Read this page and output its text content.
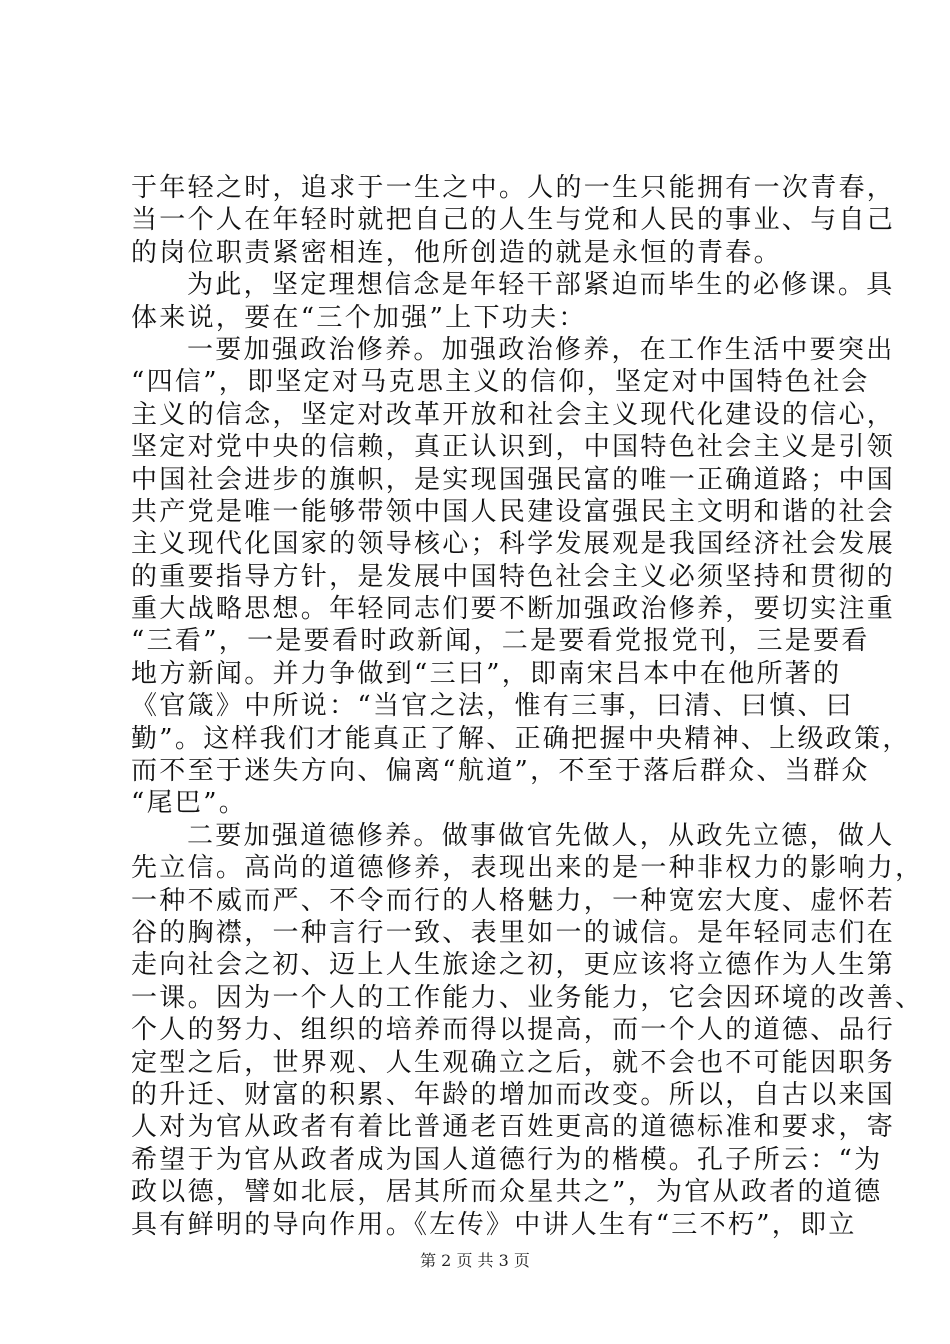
于年轻之时，追求于一生之中。人的一生只能拥有一次青春，
当一个人在年轻时就把自己的人生与党和人民的事业、与自己
的岗位职责紧密相连，他所创造的就是永恒的青春。
为此，坚定理想信念是年轻干部紧迫而毕生的必修课。具
体来说，要在“三个加强”上下功夫：
一要加强政治修养。加强政治修养，在工作生活中要突出
“四信”，即坚定对马克思主义的信仰，坚定对中国特色社会
主义的信念，坚定对改革开放和社会主义现代化建设的信心，
坚定对党中央的信赖，真正认识到，中国特色社会主义是引领
中国社会进步的旗帜，是实现国强民富的唯一正确道路；中国
共产党是唯一能够带领中国人民建设富强民主文明和谐的社会
主义现代化国家的领导核心；科学发展观是我国经济社会发展
的重要指导方针，是发展中国特色社会主义必须坚持和贯彻的
重大战略思想。年轻同志们要不断加强政治修养，要切实注重
“三看”，一是要看时政新闻，二是要看党报党刊，三是要看
地方新闻。并力争做到“三曰”，即南宋吕本中在他所著的
《官箴》中所说：“当官之法，惟有三事，曰清、曰慎、曰
勤”。这样我们才能真正了解、正确把握中央精神、上级政策，
而不至于迷失方向、偏离“航道”，不至于落后群众、当群众
“尾巴”。
二要加强道德修养。做事做官先做人，从政先立德，做人
先立信。高尚的道德修养，表现出来的是一种非权力的影响力，
一种不威而严、不令而行的人格魅力，一种宽宏大度、虚怀若
谷的胸襟，一种言行一致、表里如一的诚信。是年轻同志们在
走向社会之初、迈上人生旅途之初，更应该将立德作为人生第
一课。因为一个人的工作能力、业务能力，它会因环境的改善、
个人的努力、组织的培养而得以提高，而一个人的道德、品行
定型之后，世界观、人生观确立之后，就不会也不可能因职务
的升迁、财富的积累、年龄的增加而改变。所以，自古以来国
人对为官从政者有着比普通老百姓更高的道德标准和要求，寄
希望于为官从政者成为国人道德行为的楷模。孔子所云：“为
政以德，譬如北辰，居其所而众星共之”，为官从政者的道德
具有鲜明的导向作用。《左传》中讲人生有“三不朽”，即立
第 2 页 共 3 页
